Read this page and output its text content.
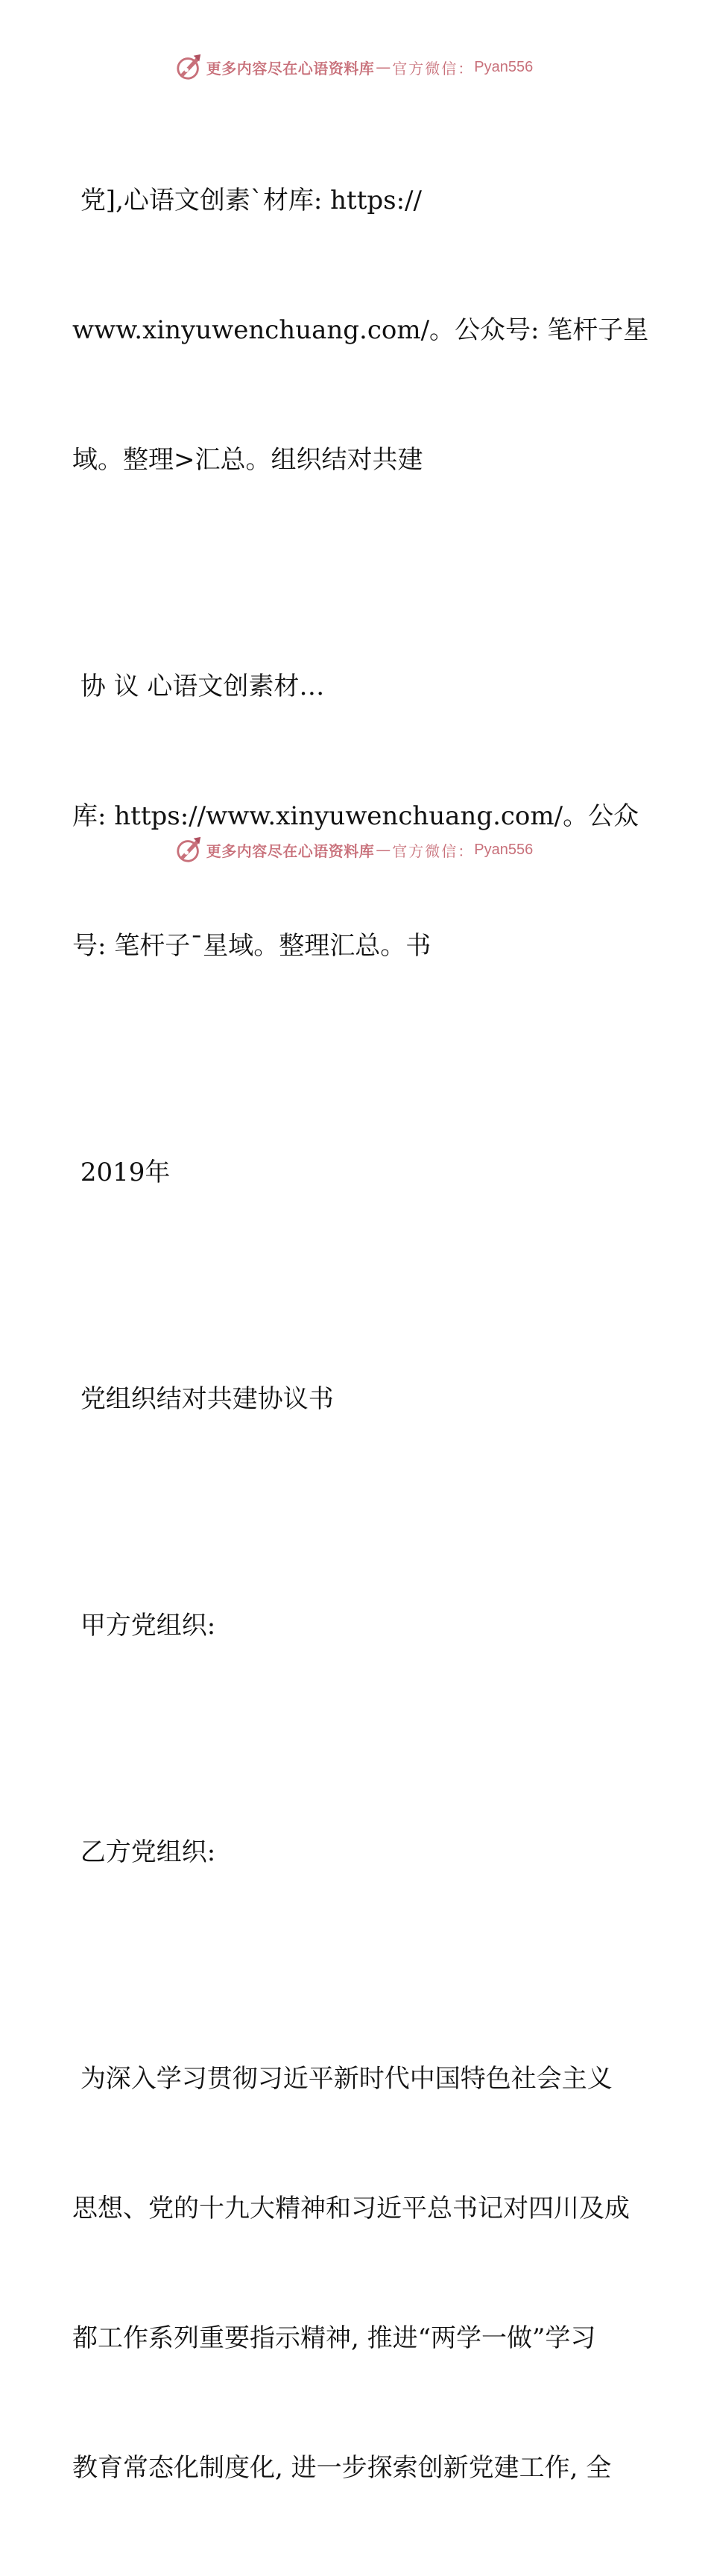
更多内容尽在心语资料库 — 官方微信： Pyan556

党],心语文创素`材库: https://

www.xinyuwenchuang.com/。公众号: 笔杆子星

域。整理>汇总。组织结对共建

协 议 心语文创素材…

库: https://www.xinyuwenchuang.com/。公众

号: 笔杆子¯星域。整理汇总。书

2019年

党组织结对共建协议书

甲方党组织:

乙方党组织:

为深入学习贯彻习近平新时代中国特色社会主义

思想、党的十九大精神和习近平总书记对四川及成

都工作系列重要指示精神, 推进“两学一做”学习

教育常态化制度化, 进一步探索创新党建工作, 全

更多内容尽在心语资料库 — 官方微信： Pyan556
